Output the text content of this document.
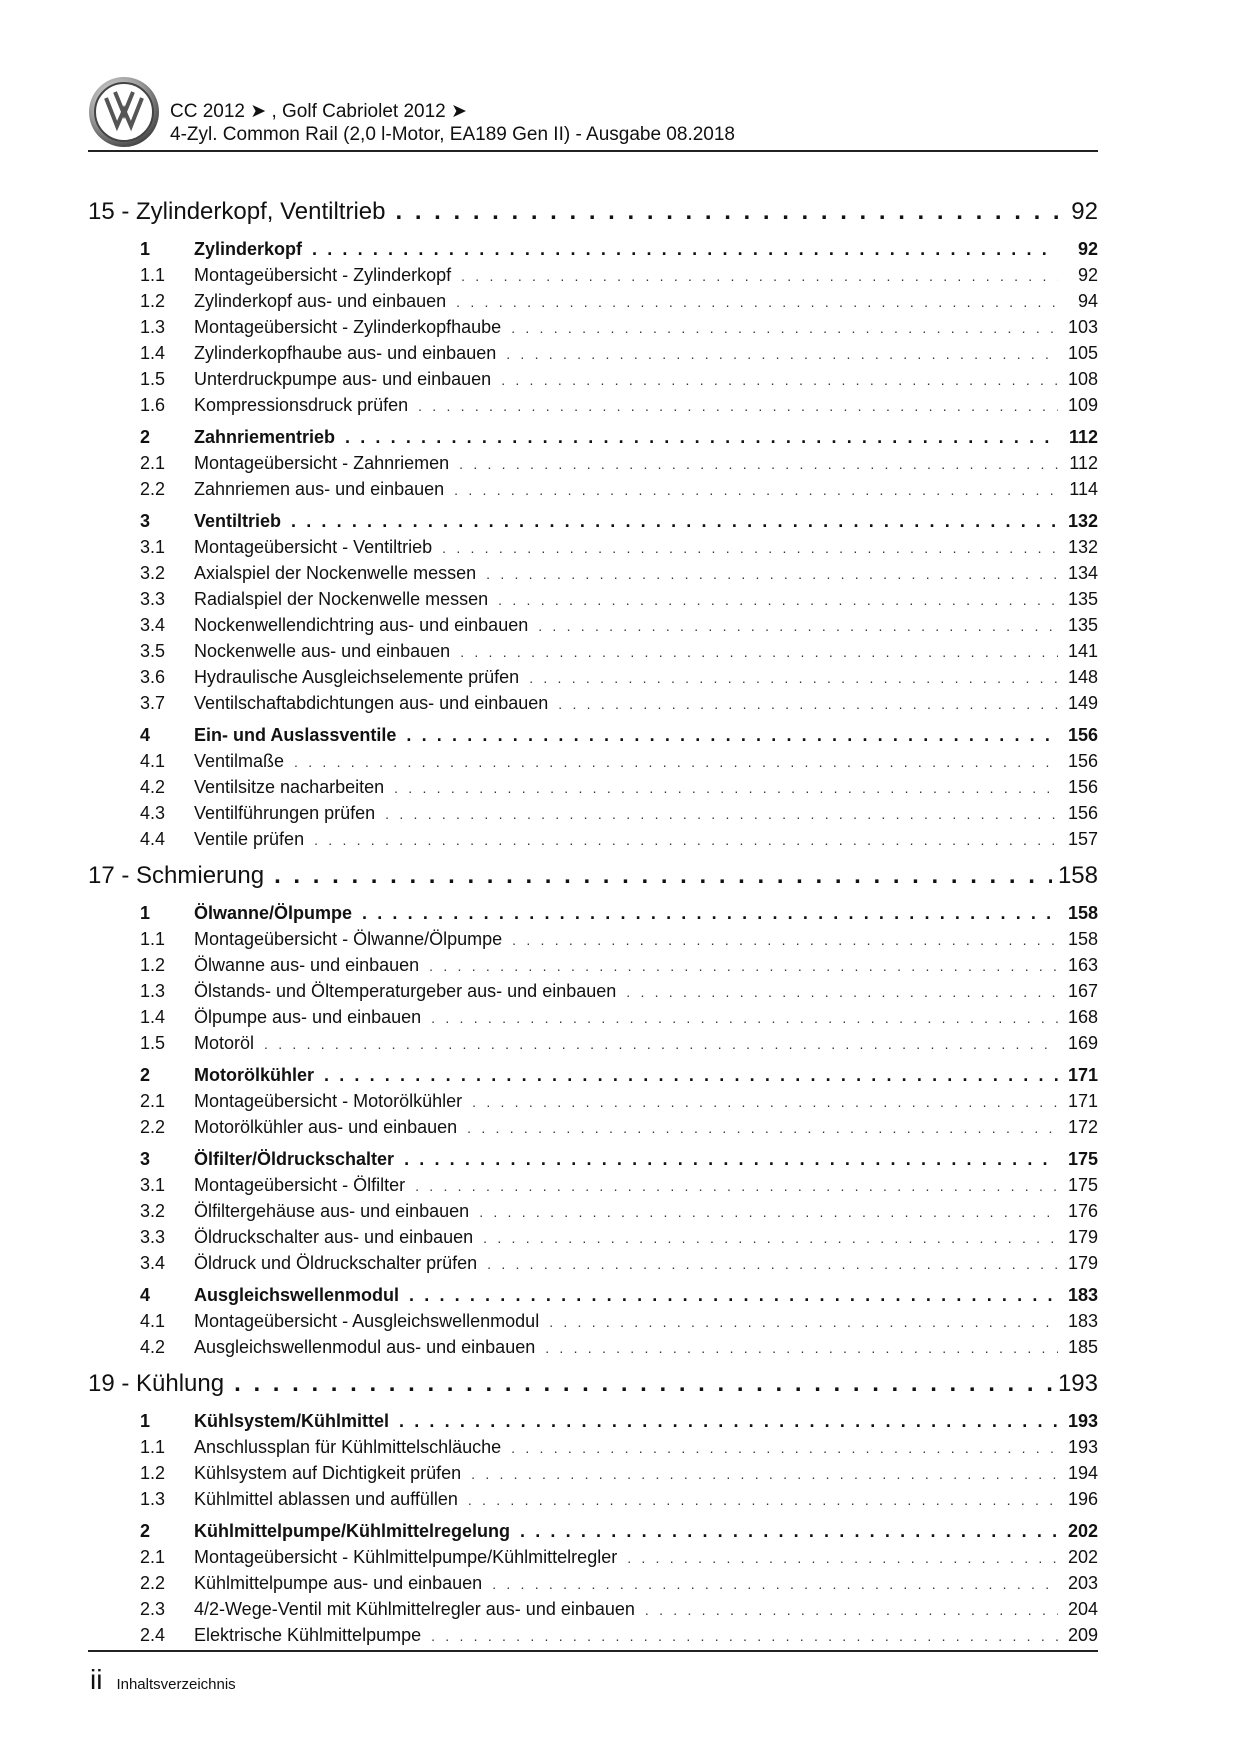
CC 2012 ➤ , Golf Cabriolet 2012 ➤
4-Zyl. Common Rail (2,0 l-Motor, EA189 Gen II) - Ausgabe 08.2018
15 - Zylinderkopf, Ventiltrieb . . .	92
1	Zylinderkopf . . .	92
1.1	Montageübersicht - Zylinderkopf . . .	92
1.2	Zylinderkopf aus- und einbauen . . .	94
1.3	Montageübersicht - Zylinderkopfhaube . . .	103
1.4	Zylinderkopfhaube aus- und einbauen . . .	105
1.5	Unterdruckpumpe aus- und einbauen . . .	108
1.6	Kompressionsdruck prüfen . . .	109
2	Zahnriementrieb . . .	112
2.1	Montageübersicht - Zahnriemen . . .	112
2.2	Zahnriemen aus- und einbauen . . .	114
3	Ventiltrieb . . .	132
3.1	Montageübersicht - Ventiltrieb . . .	132
3.2	Axialspiel der Nockenwelle messen . . .	134
3.3	Radialspiel der Nockenwelle messen . . .	135
3.4	Nockenwellendichtring aus- und einbauen . . .	135
3.5	Nockenwelle aus- und einbauen . . .	141
3.6	Hydraulische Ausgleichselemente prüfen . . .	148
3.7	Ventilschaftabdichtungen aus- und einbauen . . .	149
4	Ein- und Auslassventile . . .	156
4.1	Ventilmaße . . .	156
4.2	Ventilsitze nacharbeiten . . .	156
4.3	Ventilführungen prüfen . . .	156
4.4	Ventile prüfen . . .	157
17 - Schmierung . . .	158
1	Ölwanne/Ölpumpe . . .	158
1.1	Montageübersicht - Ölwanne/Ölpumpe . . .	158
1.2	Ölwanne aus- und einbauen . . .	163
1.3	Ölstands- und Öltemperaturgeber aus- und einbauen . . .	167
1.4	Ölpumpe aus- und einbauen . . .	168
1.5	Motoröl . . .	169
2	Motorölkühler . . .	171
2.1	Montageübersicht - Motorölkühler . . .	171
2.2	Motorölkühler aus- und einbauen . . .	172
3	Ölfilter/Öldruckschalter . . .	175
3.1	Montageübersicht - Ölfilter . . .	175
3.2	Ölfiltergehäuse aus- und einbauen . . .	176
3.3	Öldruckschalter aus- und einbauen . . .	179
3.4	Öldruck und Öldruckschalter prüfen . . .	179
4	Ausgleichswellenmodul . . .	183
4.1	Montageübersicht - Ausgleichswellenmodul . . .	183
4.2	Ausgleichswellenmodul aus- und einbauen . . .	185
19 - Kühlung . . .	193
1	Kühlsystem/Kühlmittel . . .	193
1.1	Anschlussplan für Kühlmittelschläuche . . .	193
1.2	Kühlsystem auf Dichtigkeit prüfen . . .	194
1.3	Kühlmittel ablassen und auffüllen . . .	196
2	Kühlmittelpumpe/Kühlmittelregelung . . .	202
2.1	Montageübersicht - Kühlmittelpumpe/Kühlmittelregler . . .	202
2.2	Kühlmittelpumpe aus- und einbauen . . .	203
2.3	4/2-Wege-Ventil mit Kühlmittelregler aus- und einbauen . . .	204
2.4	Elektrische Kühlmittelpumpe . . .	209
ii Inhaltsverzeichnis
